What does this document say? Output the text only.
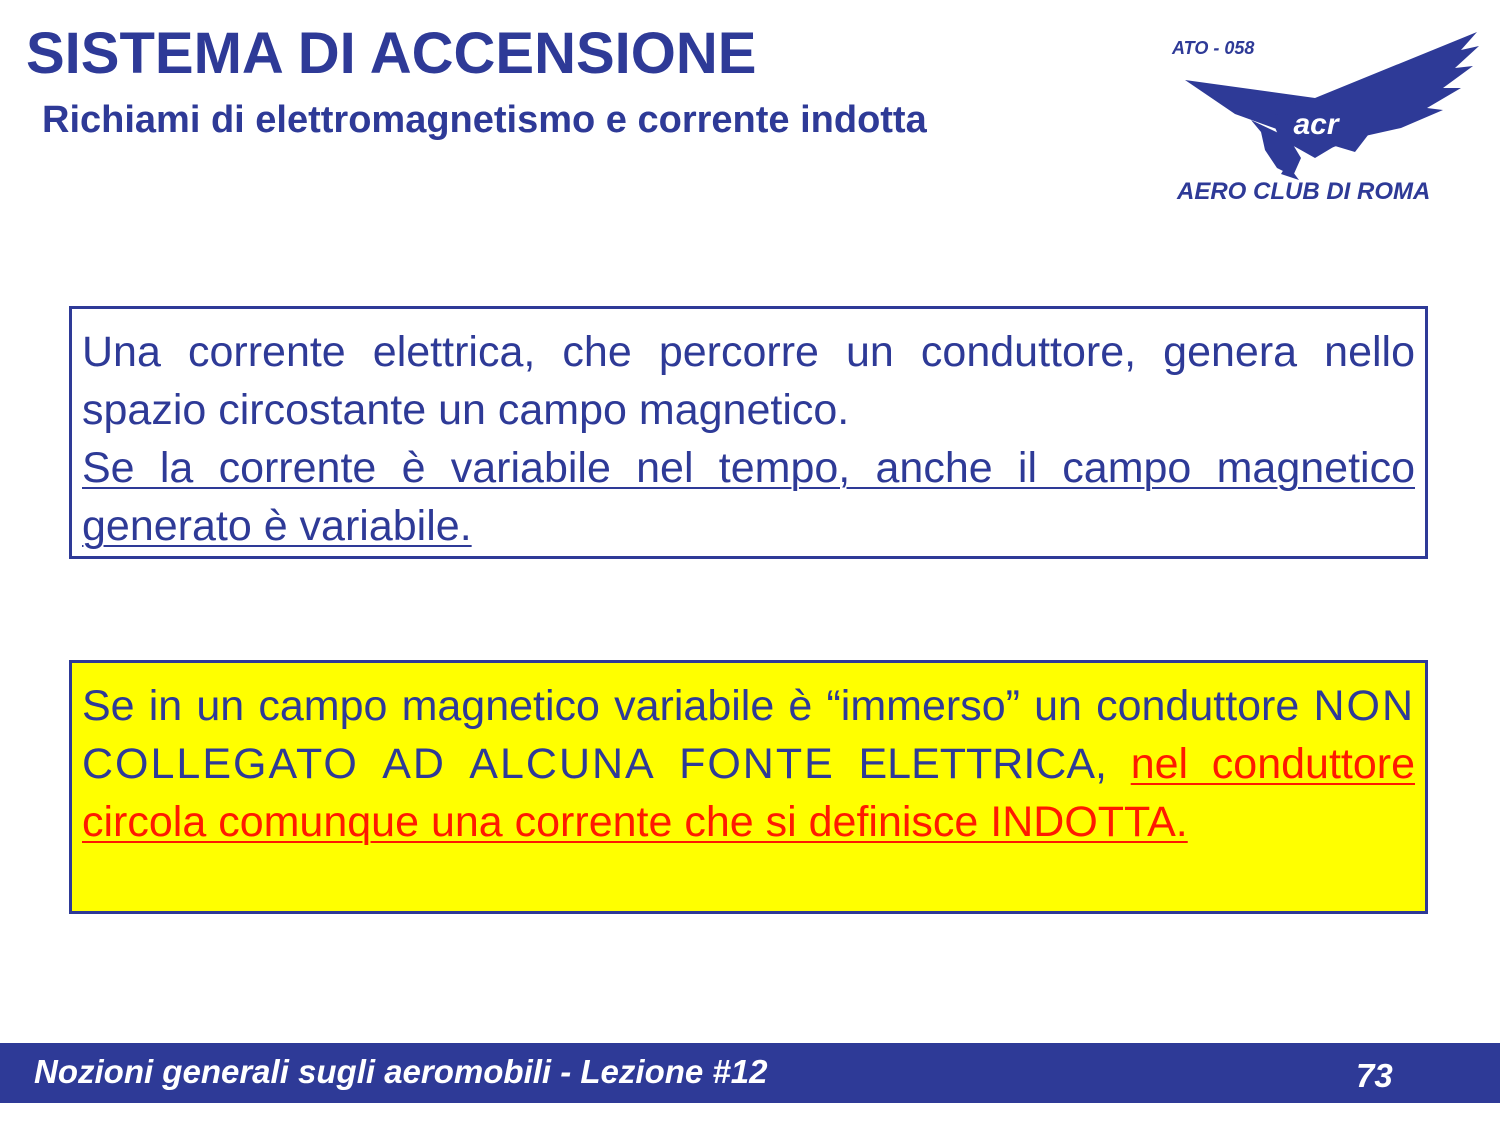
SISTEMA DI ACCENSIONE
Richiami di elettromagnetismo e corrente indotta
ATO - 058
acr
AERO CLUB DI ROMA

Una corrente elettrica, che percorre un conduttore, genera nello spazio circostante un campo magnetico.

Se la corrente è variabile nel tempo, anche il campo magnetico generato è variabile.

Se in un campo magnetico variabile è “immerso” un conduttore NON COLLEGATO AD ALCUNA FONTE ELETTRICA, nel conduttore circola comunque una corrente che si definisce INDOTTA.

Nozioni generali sugli aeromobili - Lezione #12	73
